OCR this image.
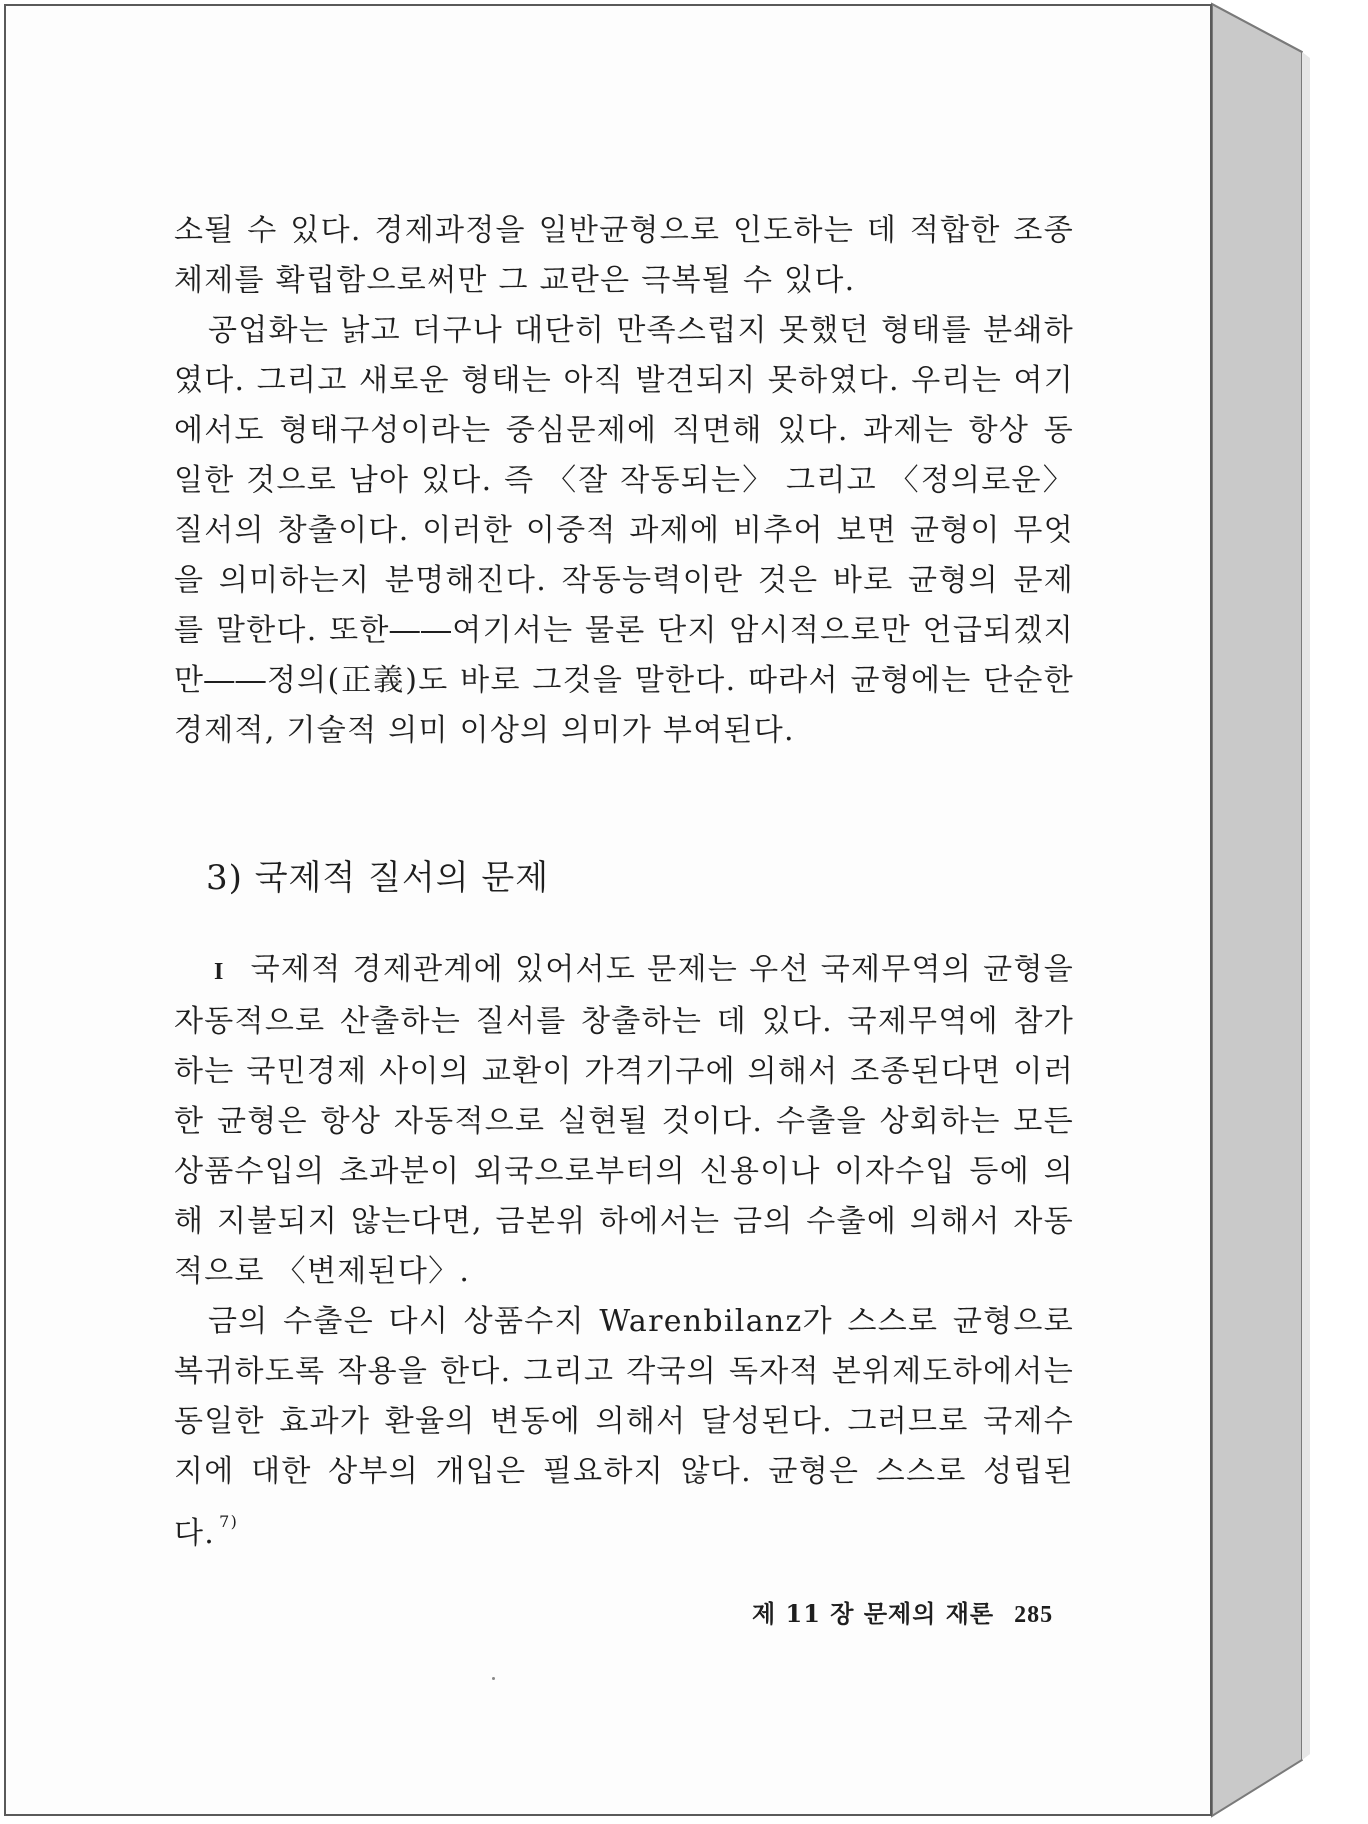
소될 수 있다. 경제과정을 일반균형으로 인도하는 데 적합한 조종체제를 확립함으로써만 그 교란은 극복될 수 있다.

공업화는 낡고 더구나 대단히 만족스럽지 못했던 형태를 분쇄하였다. 그리고 새로운 형태는 아직 발견되지 못하였다. 우리는 여기에서도 형태구성이라는 중심문제에 직면해 있다. 과제는 항상 동일한 것으로 남아 있다. 즉 〈잘 작동되는〉 그리고 〈정의로운〉 질서의 창출이다. 이러한 이중적 과제에 비추어 보면 균형이 무엇을 의미하는지 분명해진다. 작동능력이란 것은 바로 균형의 문제를 말한다. 또한――여기서는 물론 단지 암시적으로만 언급되겠지만――정의(正義)도 바로 그것을 말한다. 따라서 균형에는 단순한 경제적, 기술적 의미 이상의 의미가 부여된다.

3) 국제적 질서의 문제

I 국제적 경제관계에 있어서도 문제는 우선 국제무역의 균형을 자동적으로 산출하는 질서를 창출하는 데 있다. 국제무역에 참가하는 국민경제 사이의 교환이 가격기구에 의해서 조종된다면 이러한 균형은 항상 자동적으로 실현될 것이다. 수출을 상회하는 모든 상품수입의 초과분이 외국으로부터의 신용이나 이자수입 등에 의해 지불되지 않는다면, 금본위 하에서는 금의 수출에 의해서 자동적으로 〈변제된다〉.

금의 수출은 다시 상품수지 Warenbilanz가 스스로 균형으로 복귀하도록 작용을 한다. 그리고 각국의 독자적 본위제도하에서는 동일한 효과가 환율의 변동에 의해서 달성된다. 그러므로 국제수지에 대한 상부의 개입은 필요하지 않다. 균형은 스스로 성립된다. $^{7)}$

제 11 장 문제의 재론 285
